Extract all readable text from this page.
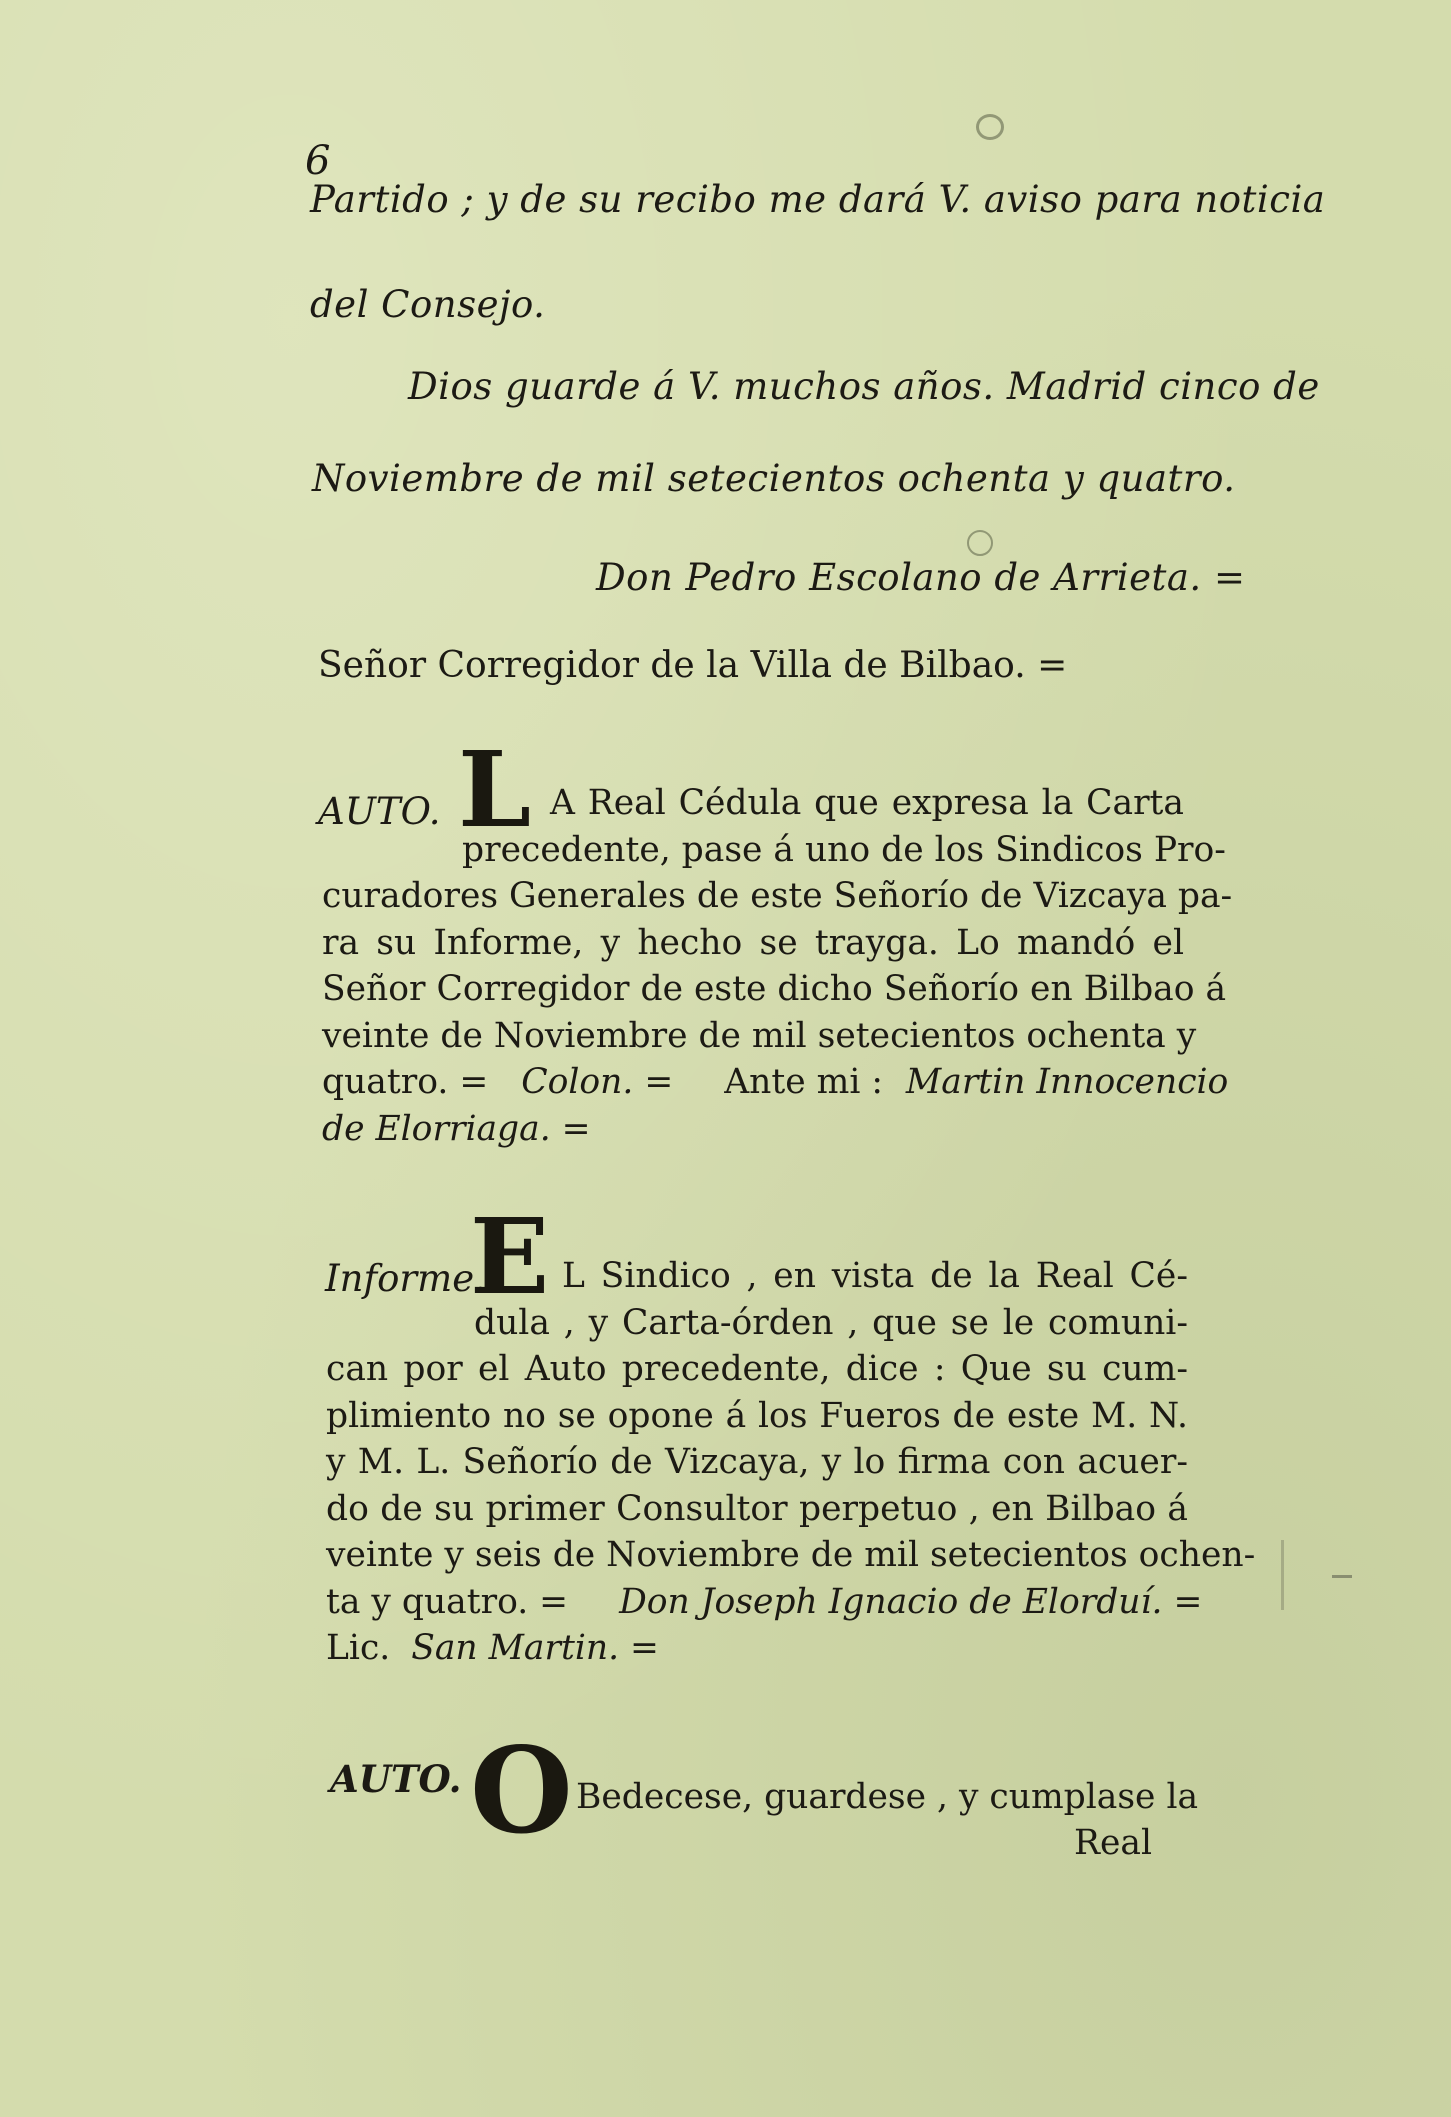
6
Partido ; y de su recibo me dará V. aviso para noticia
del Consejo.
Dios guarde á V. muchos años. Madrid cinco de
Noviembre de mil setecientos ochenta y quatro.
Don Pedro Escolano de Arrieta. =
Señor Corregidor de la Villa de Bilbao. =
AUTO. L A Real Cédula que expresa la Carta
precedente, pase á uno de los Sindicos Pro-
curadores Generales de este Señorío de Vizcaya pa-
ra su Informe, y hecho se trayga. Lo mandó el
Señor Corregidor de este dicho Señorío en Bilbao á
veinte de Noviembre de mil setecientos ochenta y
quatro. = Colon. = Ante mi : Martin Innocencio
de Elorriaga. =
Informe.
E L Sindico , en vista de la Real Cé-
dula , y Carta-órden , que se le comuni-
can por el Auto precedente, dice : Que su cum-
plimiento no se opone á los Fueros de este M. N.
y M. L. Señorío de Vizcaya, y lo firma con acuer-
do de su primer Consultor perpetuo , en Bilbao á
veinte y seis de Noviembre de mil setecientos ochen-
ta y quatro. = Don Joseph Ignacio de Elorduí. =
Lic. San Martin. =
AUTO. O Bedecese, guardese , y cumplase la
Real
